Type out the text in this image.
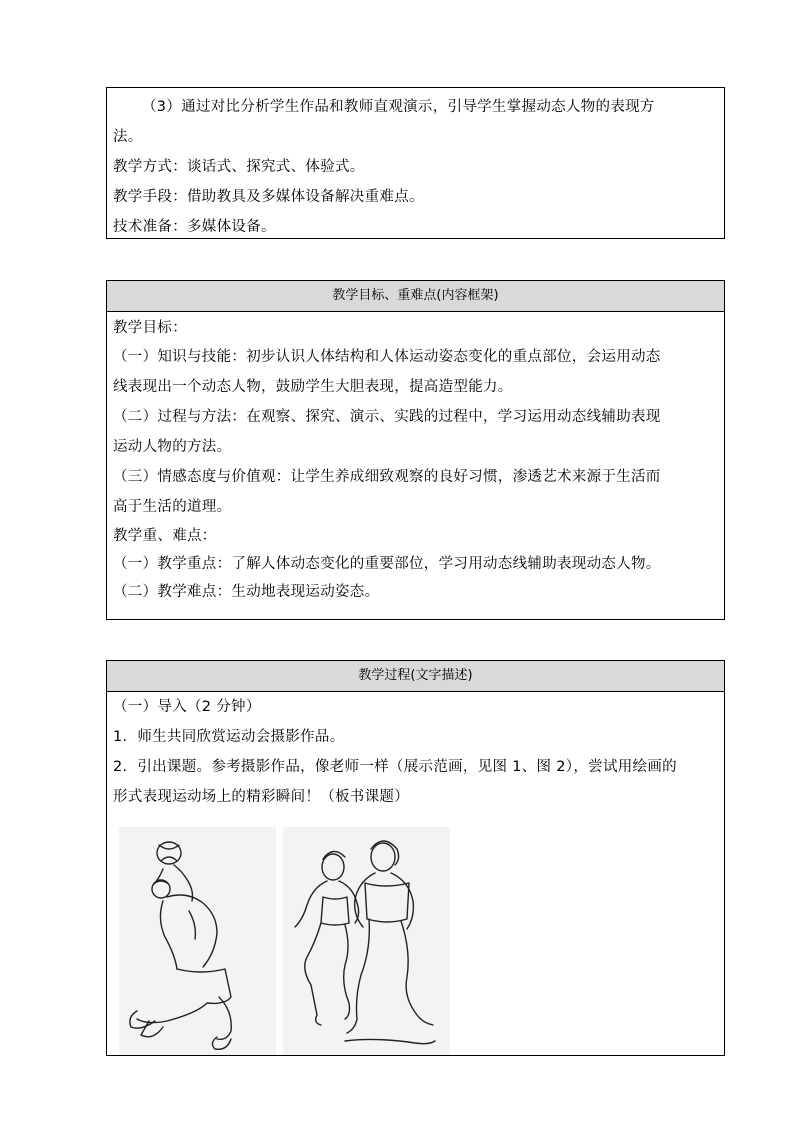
（3）通过对比分析学生作品和教师直观演示，引导学生掌握动态人物的表现方

法。

教学方式：谈话式、探究式、体验式。

教学手段：借助教具及多媒体设备解决重难点。

技术准备：多媒体设备。

教学目标、重难点(内容框架)

教学目标：

（一）知识与技能：初步认识人体结构和人体运动姿态变化的重点部位，会运用动态

线表现出一个动态人物，鼓励学生大胆表现，提高造型能力。

（二）过程与方法：在观察、探究、演示、实践的过程中，学习运用动态线辅助表现

运动人物的方法。

（三）情感态度与价值观：让学生养成细致观察的良好习惯，渗透艺术来源于生活而

高于生活的道理。

教学重、难点：

（一）教学重点：了解人体动态变化的重要部位，学习用动态线辅助表现动态人物。

（二）教学难点：生动地表现运动姿态。

教学过程(文字描述)

（一）导入（2 分钟）

1．师生共同欣赏运动会摄影作品。

2．引出课题。参考摄影作品，像老师一样（展示范画，见图 1、图 2），尝试用绘画的

形式表现运动场上的精彩瞬间！（板书课题）
